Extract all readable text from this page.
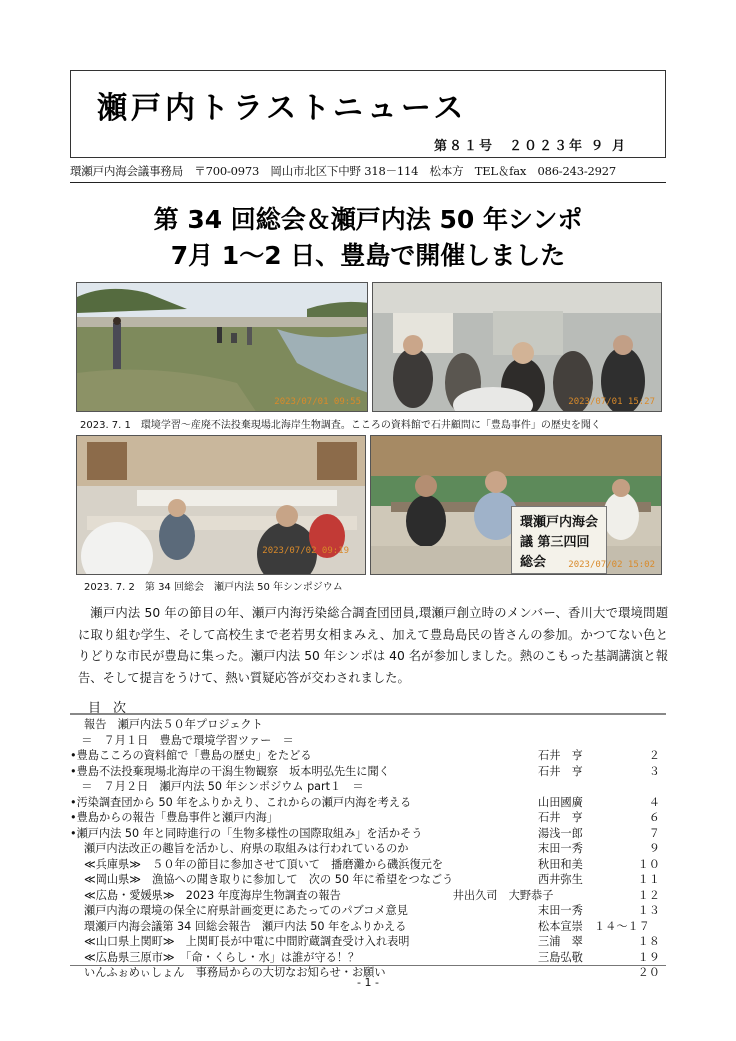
瀬戸内トラストニュース
第８１号　２０２３年 ９ 月
環瀬戸内海会議事務局　〒700-0973　岡山市北区下中野 318－114　松本方　TEL＆fax　086-243-2927
第 34 回総会＆瀬戸内法 50 年シンポ
7月 1～2 日、豊島で開催しました
2023/07/01 09:55	2023/07/01 15:27
2023. 7. 1　環境学習～産廃不法投棄現場北海岸生物調査。こころの資料館で石井顧問に「豊島事件」の歴史を聞く
2023/07/02 09:19
環瀬戸内海会議 第三四回総会	2023/07/02 15:02
2023. 7. 2　第 34 回総会　瀬戸内法 50 年シンポジウム
瀬戸内法 50 年の節目の年、瀬戸内海汚染総合調査団団員,環瀬戸創立時のメンバー、香川大で環境問題に取り組む学生、そして高校生まで老若男女相まみえ、加えて豊島島民の皆さんの参加。かつてない色とりどりな市民が豊島に集った。瀬戸内法 50 年シンポは 40 名が参加しました。熱のこもった基調講演と報告、そして提言をうけて、熱い質疑応答が交わされました。
目次
報告　瀬戸内法５０年プロジェクト
　＝　７月１日　豊島で環境学習ツァー　＝
•豊島こころの資料館で「豊島の歴史」をたどる	石井　亨	２
•豊島不法投棄現場北海岸の干潟生物観察　坂本明弘先生に聞く	石井　亨	３
　＝　７月２日　瀬戸内法 50 年シンポジウム part１　＝
•汚染調査団から 50 年をふりかえり、これからの瀬戸内海を考える	山田國廣	４
•豊島からの報告「豊島事件と瀬戸内海」	石井　亨	６
•瀬戸内法 50 年と同時進行の「生物多様性の国際取組み」を活かそう	湯浅一郎	７
瀬戸内法改正の趣旨を活かし、府県の取組みは行われているのか	末田一秀	９
≪兵庫県≫　５０年の節目に参加させて頂いて　播磨灘から磯浜復元を	秋田和美	１０
≪岡山県≫　漁協への聞き取りに参加して　次の 50 年に希望をつなごう	西井弥生	１１
≪広島・愛媛県≫　2023 年度海岸生物調査の報告　　　　　　　　　　井出久司　大野恭子	１２
瀬戸内海の環境の保全に府県計画変更にあたってのパブコメ意見	末田一秀	１３
環瀬戸内海会議第 34 回総会報告　瀬戸内法 50 年をふりかえる	松本宣崇　１４～１７
≪山口県上関町≫　上関町長が中電に中間貯蔵調査受け入れ表明	三浦　翠	１８
≪広島県三原市≫　「命・くらし・水」は誰が守る！？	三島弘敬	１９
いんふぉめぃしょん　事務局からの大切なお知らせ・お願い	２０
- 1 -
